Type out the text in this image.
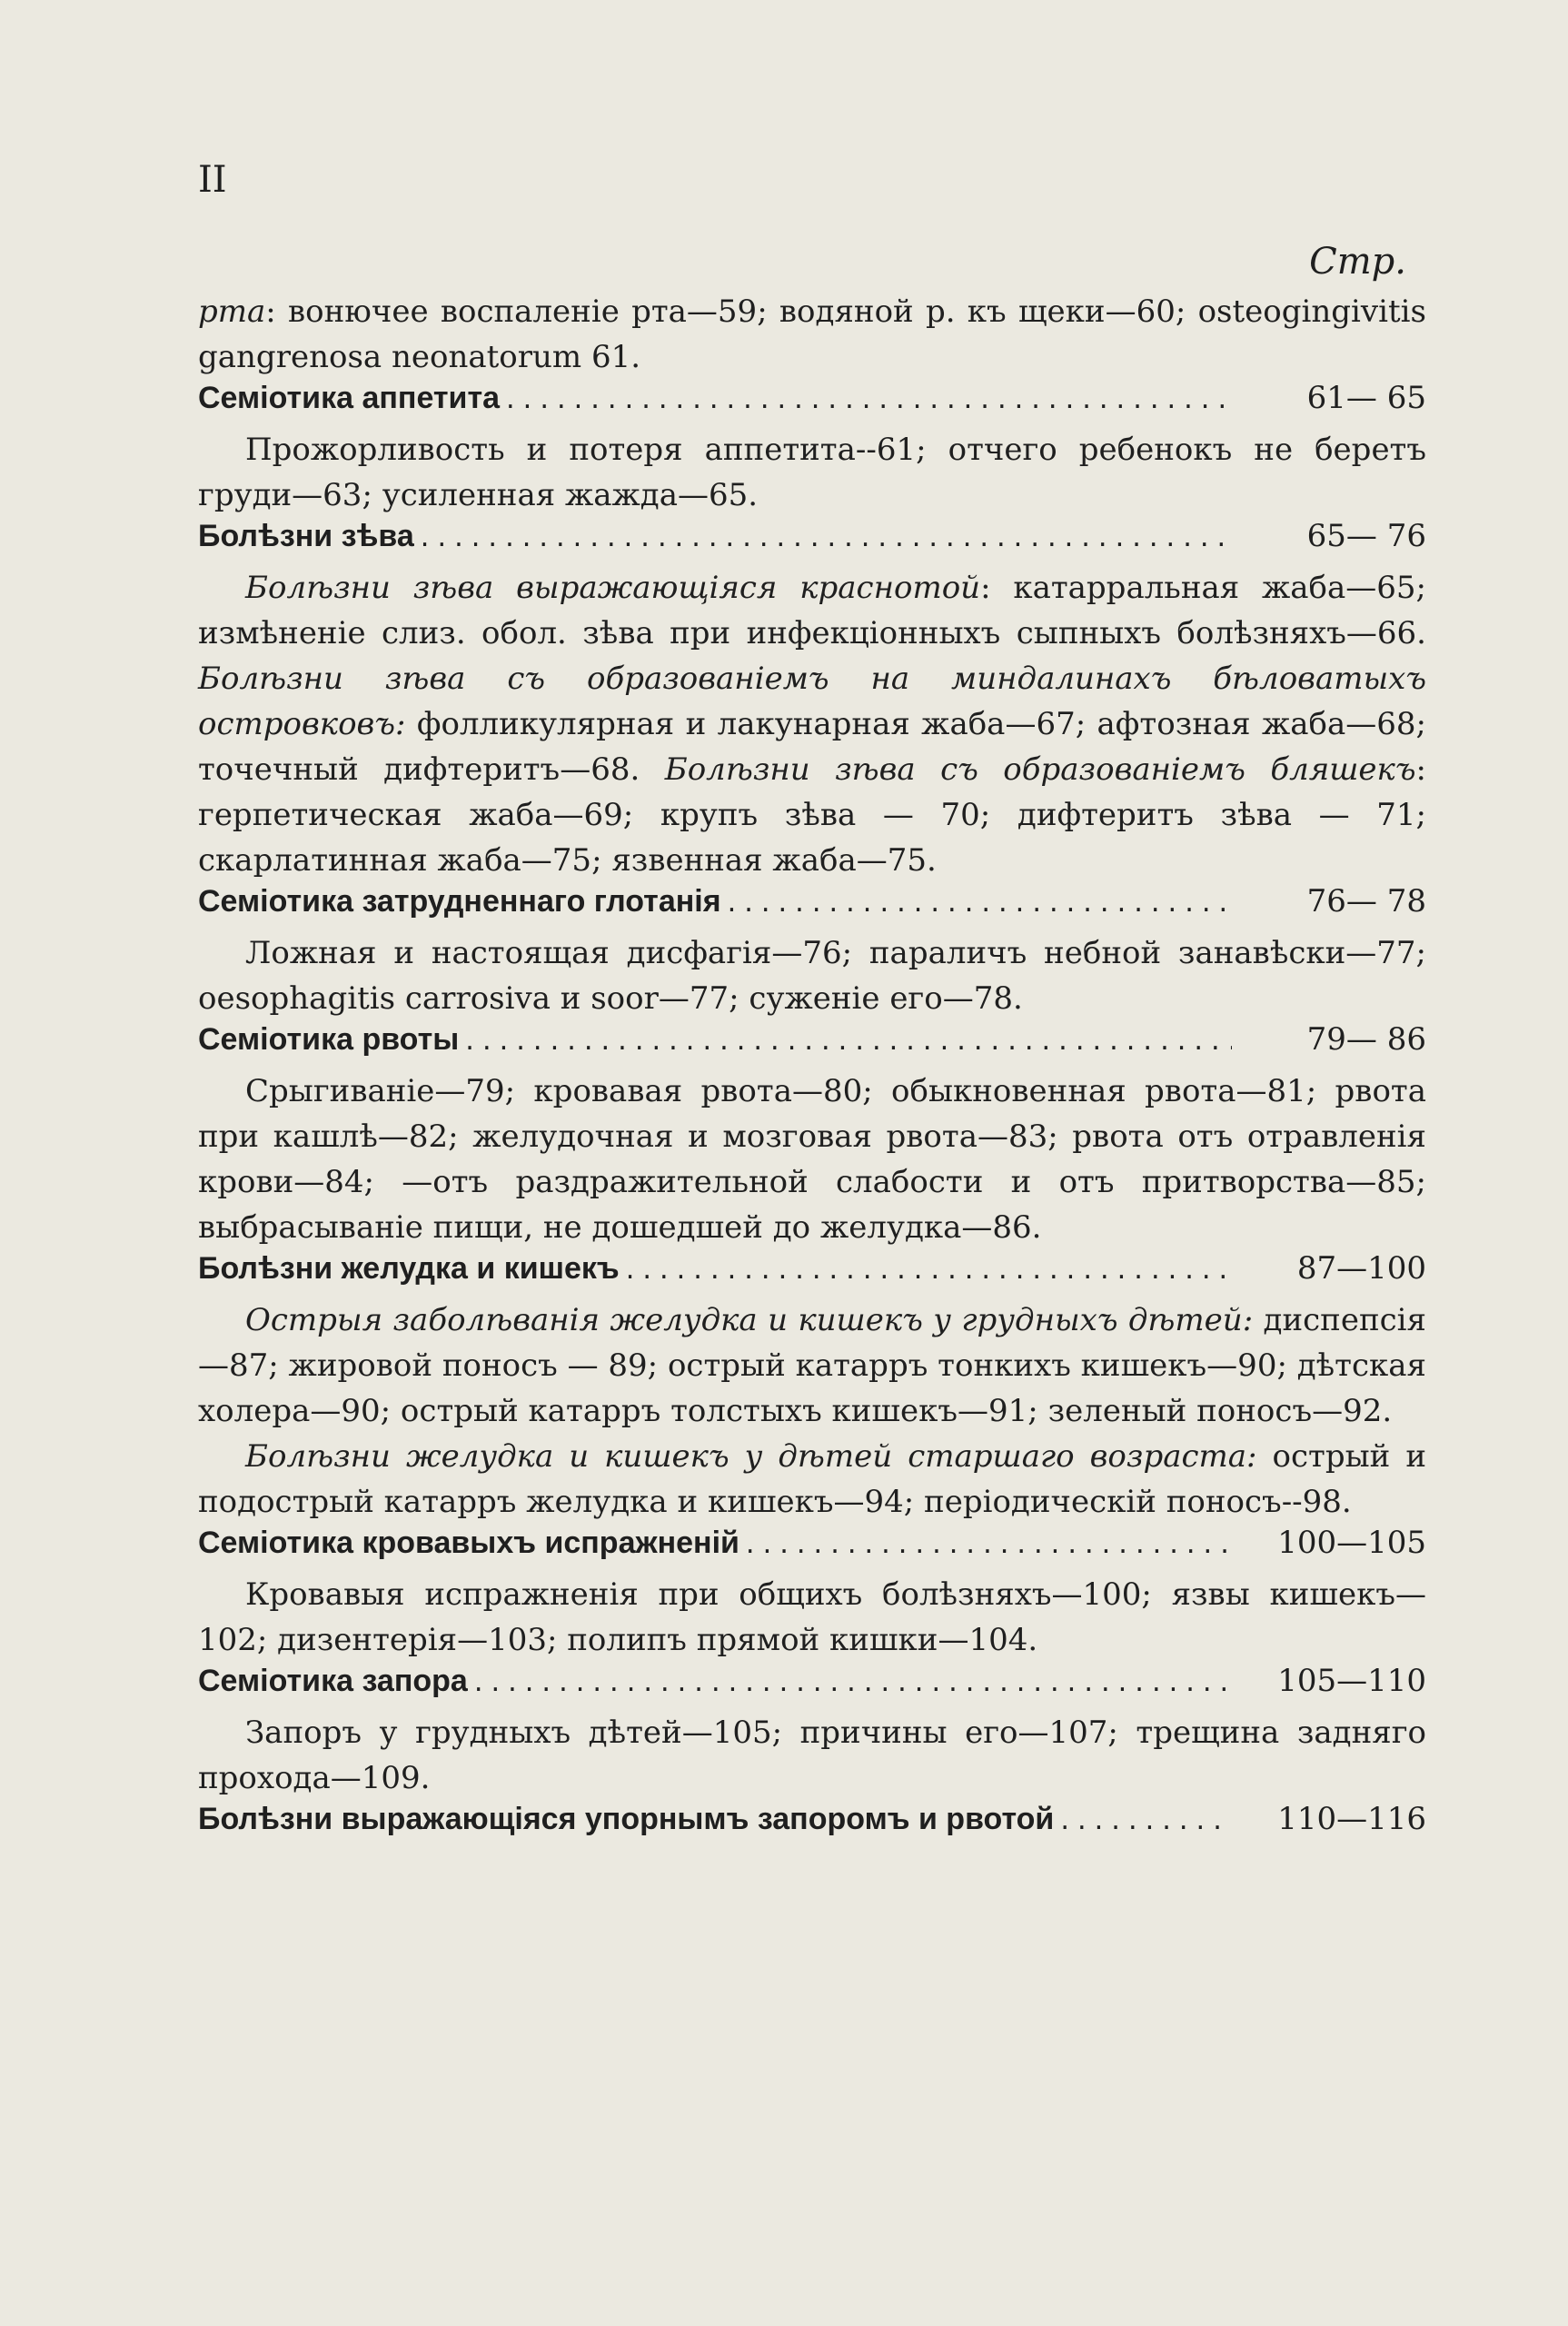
II
Стр.

рта: вонючее воспаленіе рта—59; водяной р. къ щеки—60; osteogingivitis gangrenosa neonatorum 61.

Семіотика аппетита .....	61— 65

Прожорливость и потеря аппетита--61; отчего ребенокъ не беретъ груди—63; усиленная жажда—65.

Болѣзни зѣва .....	65— 76

Болѣзни зѣва выражающіяся краснотой: катарральная жаба—65; измѣненіе слиз. обол. зѣва при инфекціонныхъ сыпныхъ болѣзняхъ—66. Болѣзни зѣва съ образованіемъ на миндалинахъ бѣловатыхъ островковъ: фолликулярная и лакунарная жаба—67; афтозная жаба—68; точечный дифтеритъ—68. Болѣзни зѣва съ образованіемъ бляшекъ: герпетическая жаба—69; крупъ зѣва — 70; дифтеритъ зѣва — 71; скарлатинная жаба—75; язвенная жаба—75.

Семіотика затрудненнаго глотанія .....	76— 78

Ложная и настоящая дисфагія—76; параличъ небной занавѣски—77; oesophagitis carrosiva и soor—77; суженіе его—78.

Семіотика рвоты .....	79— 86

Срыгиваніе—79; кровавая рвота—80; обыкновенная рвота—81; рвота при кашлѣ—82; желудочная и мозговая рвота—83; рвота отъ отравленія крови—84; —отъ раздражительной слабости и отъ притворства—85; выбрасываніе пищи, не дошедшей до желудка—86.

Болѣзни желудка и кишекъ .....	87—100

Острыя заболѣванія желудка и кишекъ у грудныхъ дѣтей: диспепсія—87; жировой поносъ — 89; острый катарръ тонкихъ кишекъ—90; дѣтская холера—90; острый катарръ толстыхъ кишекъ—91; зеленый поносъ—92.

Болѣзни желудка и кишекъ у дѣтей старшаго возраста: острый и подострый катарръ желудка и кишекъ—94; періодическій поносъ--98.

Семіотика кровавыхъ испражненій .....	100—105

Кровавыя испражненія при общихъ болѣзняхъ—100; язвы кишекъ—102; дизентерія—103; полипъ прямой кишки—104.

Семіотика запора .....	105—110

Запоръ у грудныхъ дѣтей—105; причины его—107; трещина задняго прохода—109.

Болѣзни выражающіяся упорнымъ запоромъ и рвотой .....	110—116
